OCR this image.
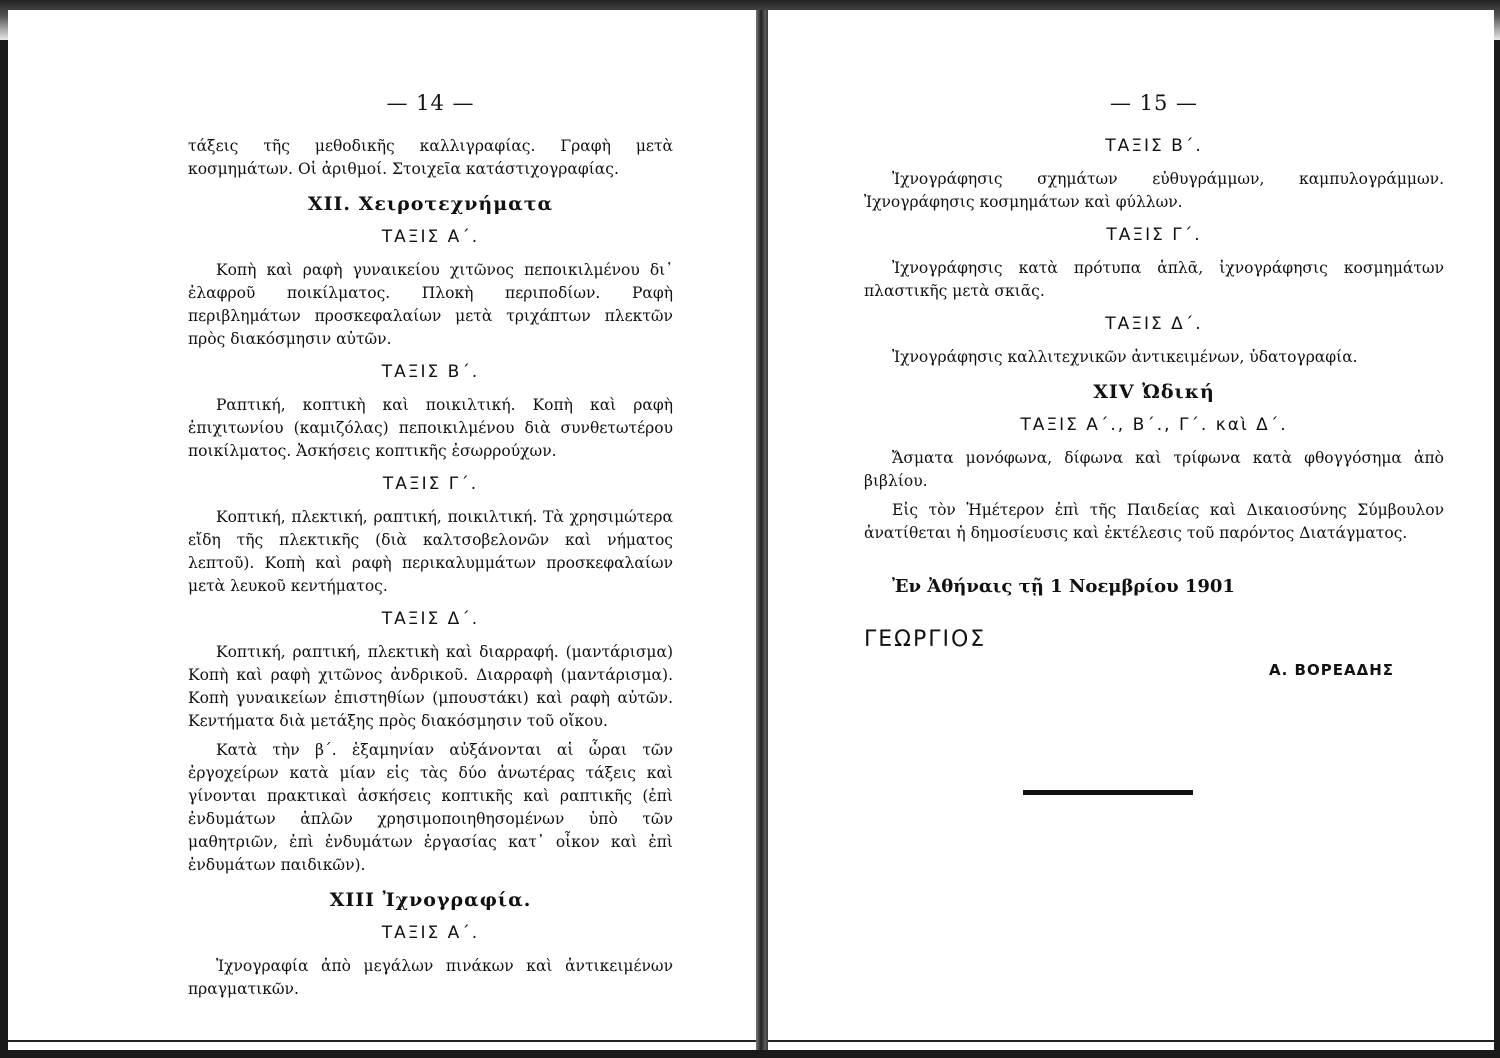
— 14 —

τάξεις τῆς μεθοδικῆς καλλιγραφίας. Γραφὴ μετὰ κοσμημάτων. Οἱ ἀριθμοί. Στοιχεῖα κατάστιχογραφίας.

XII. Χειροτεχνήματα
ΤΑΞΙΣ Α΄.

Κοπὴ καὶ ραφὴ γυναικείου χιτῶνος πεποικιλμένου δι᾽ ἐλαφροῦ ποικίλματος. Πλοκὴ περιποδίων. Ραφὴ περιβλημάτων προσκεφαλαίων μετὰ τριχάπτων πλεκτῶν πρὸς διακόσμησιν αὐτῶν.

ΤΑΞΙΣ Β΄.

Ραπτική, κοπτικὴ καὶ ποικιλτική. Κοπὴ καὶ ραφὴ ἐπιχιτωνίου (καμιζόλας) πεποικιλμένου διὰ συνθετωτέρου ποικίλματος. Ἀσκήσεις κοπτικῆς ἐσωρρούχων.

ΤΑΞΙΣ Γ΄.

Κοπτική, πλεκτική, ραπτική, ποικιλτική. Τὰ χρησιμώτερα εἴδη τῆς πλεκτικῆς (διὰ καλτσοβελονῶν καὶ νήματος λεπτοῦ). Κοπὴ καὶ ραφὴ περικαλυμμάτων προσκεφαλαίων μετὰ λευκοῦ κεντήματος.

ΤΑΞΙΣ Δ΄.

Κοπτική, ραπτική, πλεκτικὴ καὶ διαρραφή. (μαντάρισμα) Κοπὴ καὶ ραφὴ χιτῶνος ἀνδρικοῦ. Διαρραφὴ (μαντάρισμα). Κοπὴ γυναικείων ἐπιστηθίων (μπουστάκι) καὶ ραφὴ αὐτῶν. Κεντήματα διὰ μετάξης πρὸς διακόσμησιν τοῦ οἴκου.

Κατὰ τὴν β΄. ἑξαμηνίαν αὐξάνονται αἱ ὧραι τῶν ἐργοχείρων κατὰ μίαν εἰς τὰς δύο ἀνωτέρας τάξεις καὶ γίνονται πρακτικαὶ ἀσκήσεις κοπτικῆς καὶ ραπτικῆς (ἐπὶ ἐνδυμάτων ἁπλῶν χρησιμοποιηθησομένων ὑπὸ τῶν μαθητριῶν, ἐπὶ ἐνδυμάτων ἐργασίας κατ᾽ οἶκον καὶ ἐπὶ ἐνδυμάτων παιδικῶν).

XIII Ἰχνογραφία.
ΤΑΞΙΣ Α΄.

Ἰχνογραφία ἀπὸ μεγάλων πινάκων καὶ ἀντικειμένων πραγματικῶν.

— 15 —
ΤΑΞΙΣ Β΄.

Ἰχνογράφησις σχημάτων εὐθυγράμμων, καμπυλογράμμων. Ἰχνογράφησις κοσμημάτων καὶ φύλλων.

ΤΑΞΙΣ Γ΄.

Ἰχνογράφησις κατὰ πρότυπα ἁπλᾶ, ἰχνογράφησις κοσμημάτων πλαστικῆς μετὰ σκιᾶς.

ΤΑΞΙΣ Δ΄.

Ἰχνογράφησις καλλιτεχνικῶν ἀντικειμένων, ὑδατογραφία.

XIV Ὠδική
ΤΑΞΙΣ Α΄., Β΄., Γ΄. καὶ Δ΄.

Ἄσματα μονόφωνα, δίφωνα καὶ τρίφωνα κατὰ φθογγόσημα ἀπὸ βιβλίου.

Εἰς τὸν Ἡμέτερον ἐπὶ τῆς Παιδείας καὶ Δικαιοσύνης Σύμβουλον ἀνατίθεται ἡ δημοσίευσις καὶ ἐκτέλεσις τοῦ παρόντος Διατάγματος.

Ἐν Ἀθήναις τῇ 1 Νοεμβρίου 1901
ΓΕΩΡΓΙΟΣ
Α. ΒΟΡΕΑΔΗΣ
